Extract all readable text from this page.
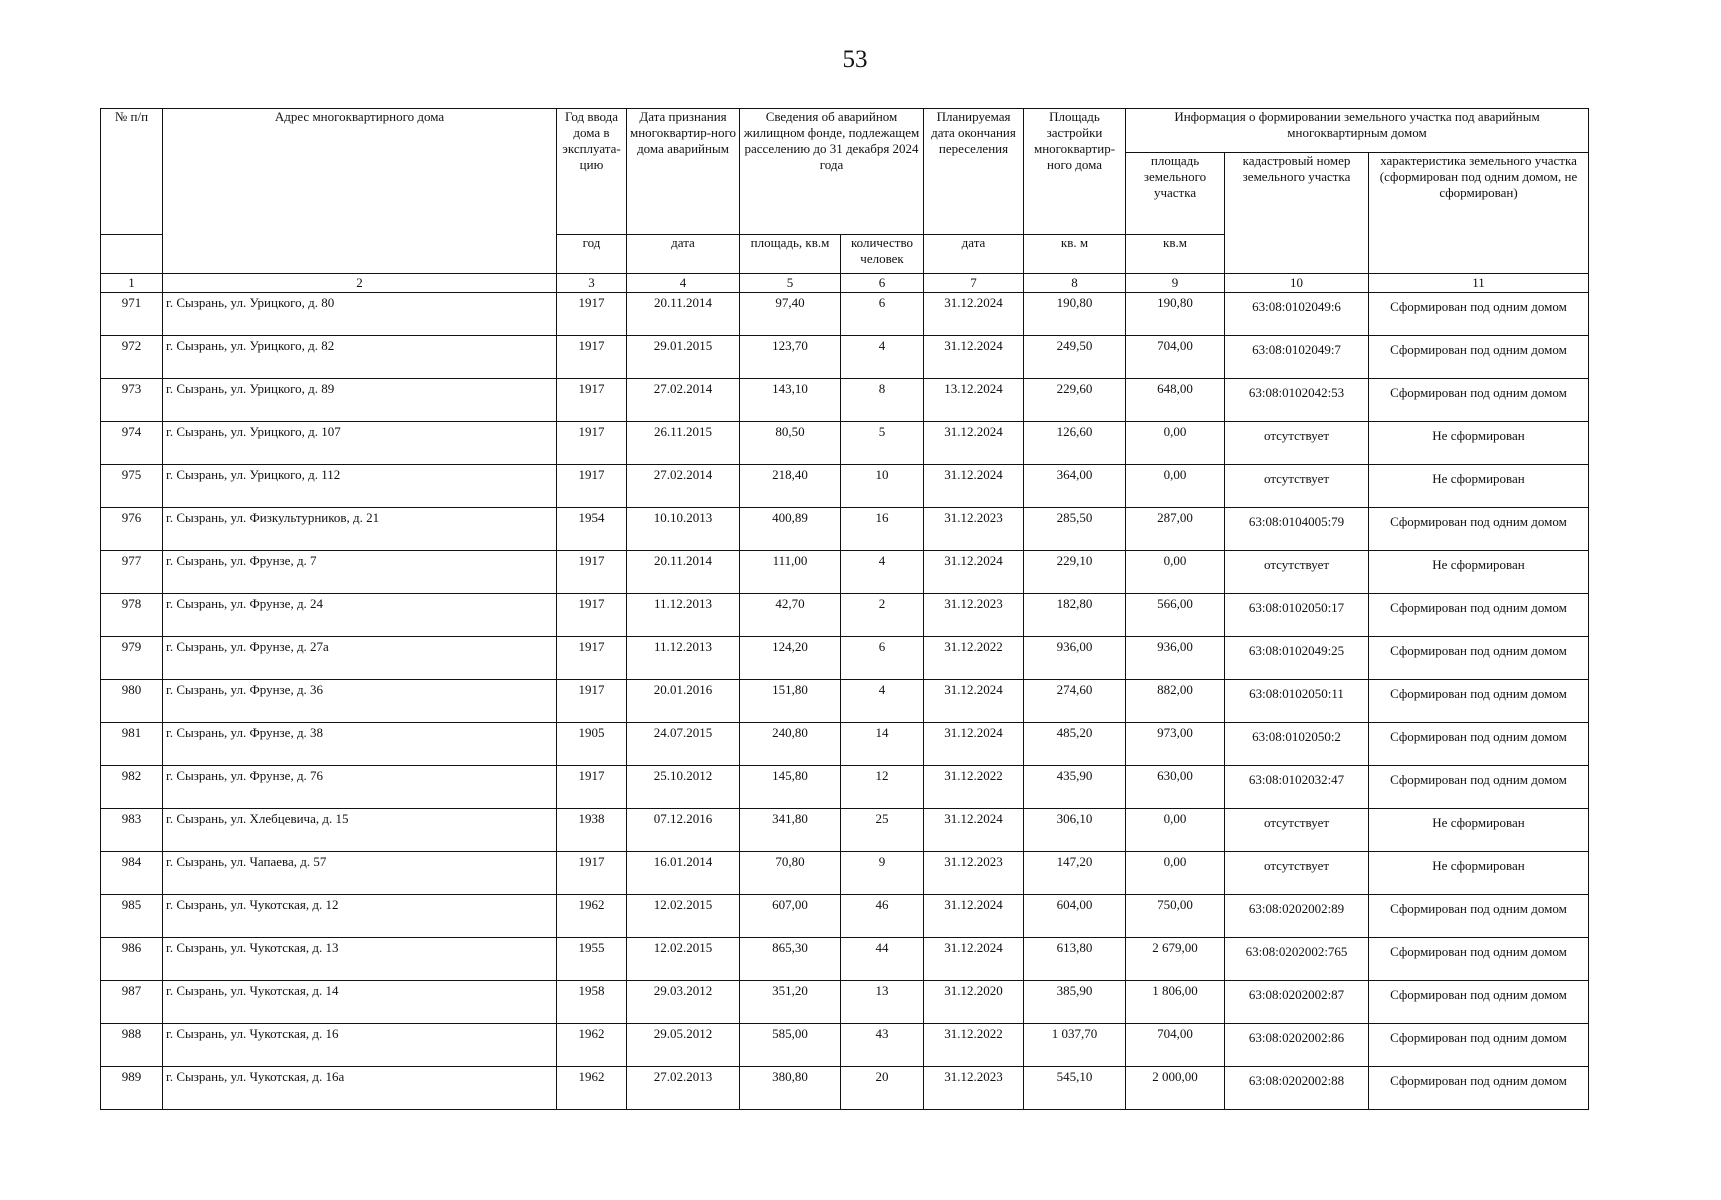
53
№ п/п	Адрес многоквартирного дома	Год ввода дома в эксплуата-цию	Дата признания многоквартир-ного дома аварийным	Сведения об аварийном жилищном фонде, подлежащем расселению до 31 декабря 2024 года		Планируемая дата окончания переселения	Площадь застройки многоквартир-ного дома	Информация о формировании земельного участка под аварийным многоквартирным домом		
								площадь земельного участка	кадастровый номер земельного участка	характеристика земельного участка (сформирован под одним домом, не сформирован)
		год	дата	площадь, кв.м	количество человек	дата	кв. м	кв.м		
1	2	3	4	5	6	7	8	9	10	11
971	г. Сызрань, ул. Урицкого, д. 80	1917	20.11.2014	97,40	6	31.12.2024	190,80	190,80	63:08:0102049:6	Сформирован под одним домом
972	г. Сызрань, ул. Урицкого, д. 82	1917	29.01.2015	123,70	4	31.12.2024	249,50	704,00	63:08:0102049:7	Сформирован под одним домом
973	г. Сызрань, ул. Урицкого, д. 89	1917	27.02.2014	143,10	8	13.12.2024	229,60	648,00	63:08:0102042:53	Сформирован под одним домом
974	г. Сызрань, ул. Урицкого, д. 107	1917	26.11.2015	80,50	5	31.12.2024	126,60	0,00	отсутствует	Не сформирован
975	г. Сызрань, ул. Урицкого, д. 112	1917	27.02.2014	218,40	10	31.12.2024	364,00	0,00	отсутствует	Не сформирован
976	г. Сызрань, ул. Физкультурников, д. 21	1954	10.10.2013	400,89	16	31.12.2023	285,50	287,00	63:08:0104005:79	Сформирован под одним домом
977	г. Сызрань, ул. Фрунзе, д. 7	1917	20.11.2014	111,00	4	31.12.2024	229,10	0,00	отсутствует	Не сформирован
978	г. Сызрань, ул. Фрунзе, д. 24	1917	11.12.2013	42,70	2	31.12.2023	182,80	566,00	63:08:0102050:17	Сформирован под одним домом
979	г. Сызрань, ул. Фрунзе, д. 27а	1917	11.12.2013	124,20	6	31.12.2022	936,00	936,00	63:08:0102049:25	Сформирован под одним домом
980	г. Сызрань, ул. Фрунзе, д. 36	1917	20.01.2016	151,80	4	31.12.2024	274,60	882,00	63:08:0102050:11	Сформирован под одним домом
981	г. Сызрань, ул. Фрунзе, д. 38	1905	24.07.2015	240,80	14	31.12.2024	485,20	973,00	63:08:0102050:2	Сформирован под одним домом
982	г. Сызрань, ул. Фрунзе, д. 76	1917	25.10.2012	145,80	12	31.12.2022	435,90	630,00	63:08:0102032:47	Сформирован под одним домом
983	г. Сызрань, ул. Хлебцевича, д. 15	1938	07.12.2016	341,80	25	31.12.2024	306,10	0,00	отсутствует	Не сформирован
984	г. Сызрань, ул. Чапаева, д. 57	1917	16.01.2014	70,80	9	31.12.2023	147,20	0,00	отсутствует	Не сформирован
985	г. Сызрань, ул. Чукотская, д. 12	1962	12.02.2015	607,00	46	31.12.2024	604,00	750,00	63:08:0202002:89	Сформирован под одним домом
986	г. Сызрань, ул. Чукотская, д. 13	1955	12.02.2015	865,30	44	31.12.2024	613,80	2 679,00	63:08:0202002:765	Сформирован под одним домом
987	г. Сызрань, ул. Чукотская, д. 14	1958	29.03.2012	351,20	13	31.12.2020	385,90	1 806,00	63:08:0202002:87	Сформирован под одним домом
988	г. Сызрань, ул. Чукотская, д. 16	1962	29.05.2012	585,00	43	31.12.2022	1 037,70	704,00	63:08:0202002:86	Сформирован под одним домом
989	г. Сызрань, ул. Чукотская, д. 16а	1962	27.02.2013	380,80	20	31.12.2023	545,10	2 000,00	63:08:0202002:88	Сформирован под одним домом
